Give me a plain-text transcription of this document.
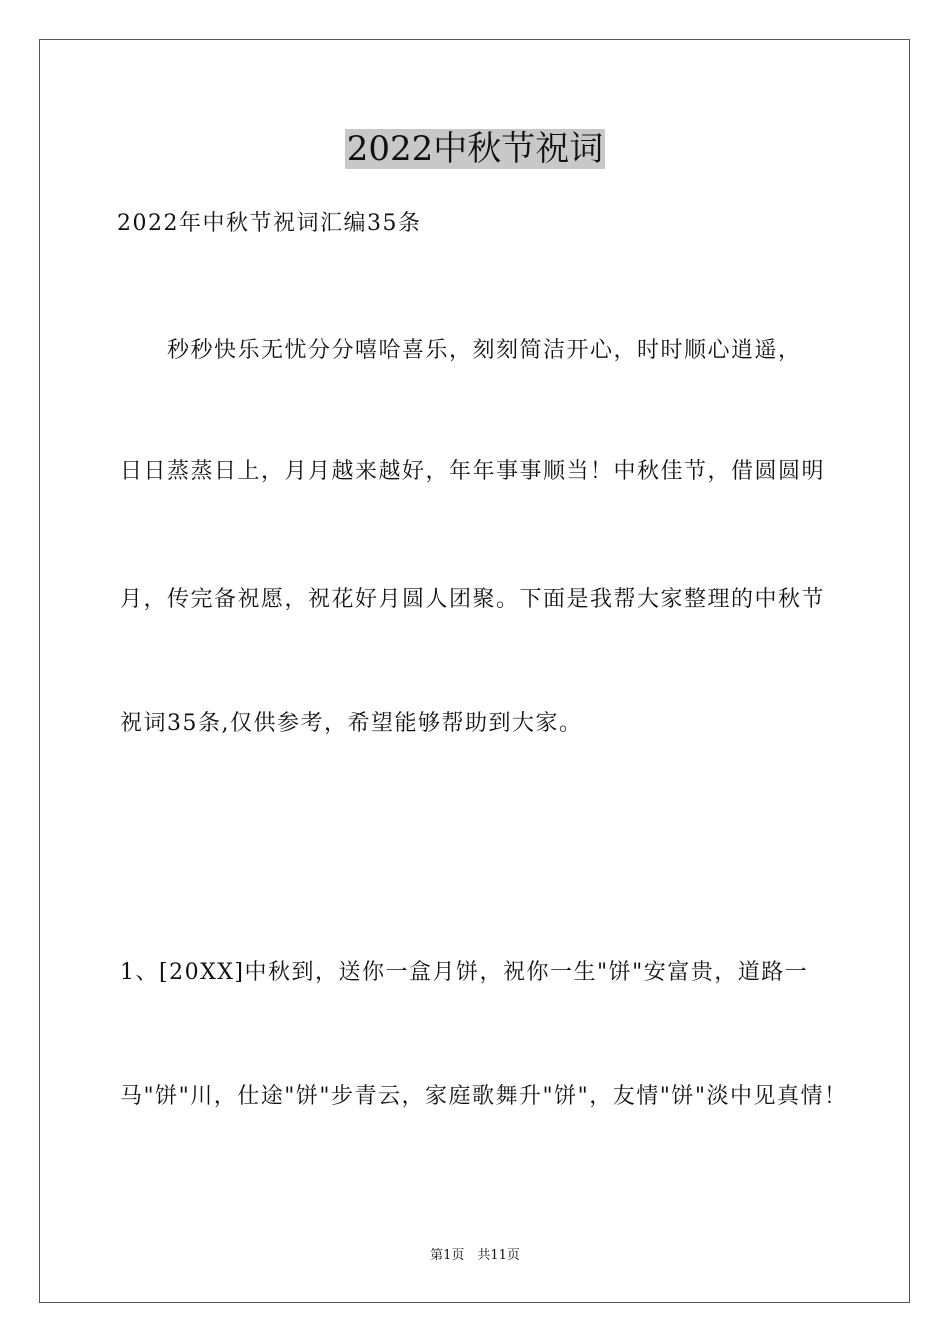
2022中秋节祝词
2022年中秋节祝词汇编35条
　　秒秒快乐无忧分分嘻哈喜乐，刻刻简洁开心，时时顺心逍遥，
日日蒸蒸日上，月月越来越好，年年事事顺当！中秋佳节，借圆圆明
月，传完备祝愿，祝花好月圆人团聚。下面是我帮大家整理的中秋节
祝词35条,仅供参考，希望能够帮助到大家。
1、[20XX]中秋到，送你一盒月饼，祝你一生"饼"安富贵，道路一
马"饼"川，仕途"饼"步青云，家庭歌舞升"饼"，友情"饼"淡中见真情！
第1页　共11页
